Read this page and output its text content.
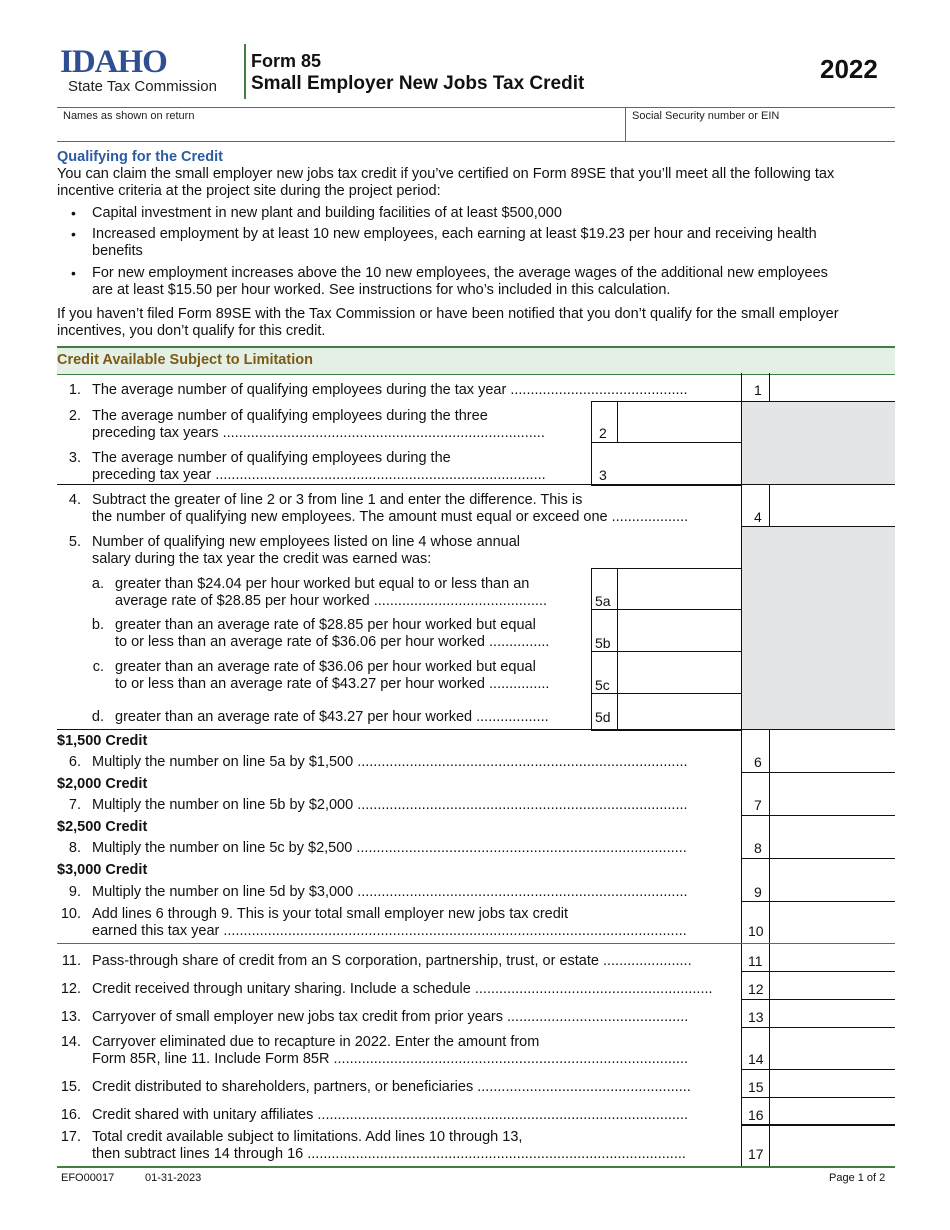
IDAHO
State Tax Commission
Form 85
Small Employer New Jobs Tax Credit	2022
Names as shown on return	Social Security number or EIN
Qualifying for the Credit
You can claim the small employer new jobs tax credit if you’ve certified on Form 89SE that you’ll meet all the following tax
incentive criteria at the project site during the project period:
• Capital investment in new plant and building facilities of at least $500,000
• Increased employment by at least 10 new employees, each earning at least $19.23 per hour and receiving health
benefits
• For new employment increases above the 10 new employees, the average wages of the additional new employees
are at least $15.50 per hour worked. See instructions for who’s included in this calculation.
If you haven’t filed Form 89SE with the Tax Commission or have been notified that you don’t qualify for the small employer
incentives, you don’t qualify for this credit.
Credit Available Subject to Limitation
1. The average number of qualifying employees during the tax year ............................................	1
2. The average number of qualifying employees during the three
preceding tax years ................................................................................	2
3. The average number of qualifying employees during the
preceding tax year ..................................................................................	3
4. Subtract the greater of line 2 or 3 from line 1 and enter the difference. This is
the number of qualifying new employees. The amount must equal or exceed one ...................	4
5. Number of qualifying new employees listed on line 4 whose annual
salary during the tax year the credit was earned was:
a. greater than $24.04 per hour worked but equal to or less than an
average rate of $28.85 per hour worked ...........................................	5a
b. greater than an average rate of $28.85 per hour worked but equal
to or less than an average rate of $36.06 per hour worked ...............	5b
c. greater than an average rate of $36.06 per hour worked but equal
to or less than an average rate of $43.27 per hour worked ...............	5c
d. greater than an average rate of $43.27 per hour worked ..................	5d
$1,500 Credit
6. Multiply the number on line 5a by $1,500 ..................................................................................	6
$2,000 Credit
7. Multiply the number on line 5b by $2,000 ..................................................................................	7
$2,500 Credit
8. Multiply the number on line 5c by $2,500 ..................................................................................	8
$3,000 Credit
9. Multiply the number on line 5d by $3,000 ..................................................................................	9
10. Add lines 6 through 9. This is your total small employer new jobs tax credit
earned this tax year ...................................................................................................................	10
11. Pass-through share of credit from an S corporation, partnership, trust, or estate ......................	11
12. Credit received through unitary sharing. Include a schedule ...........................................................	12
13. Carryover of small employer new jobs tax credit from prior years .............................................	13
14. Carryover eliminated due to recapture in 2022. Enter the amount from
Form 85R, line 11. Include Form 85R ........................................................................................	14
15. Credit distributed to shareholders, partners, or beneficiaries .....................................................	15
16. Credit shared with unitary affiliates ............................................................................................	16
17. Total credit available subject to limitations. Add lines 10 through 13,
then subtract lines 14 through 16 ..............................................................................................	17
EFO00017	01-31-2023	Page 1 of 2
